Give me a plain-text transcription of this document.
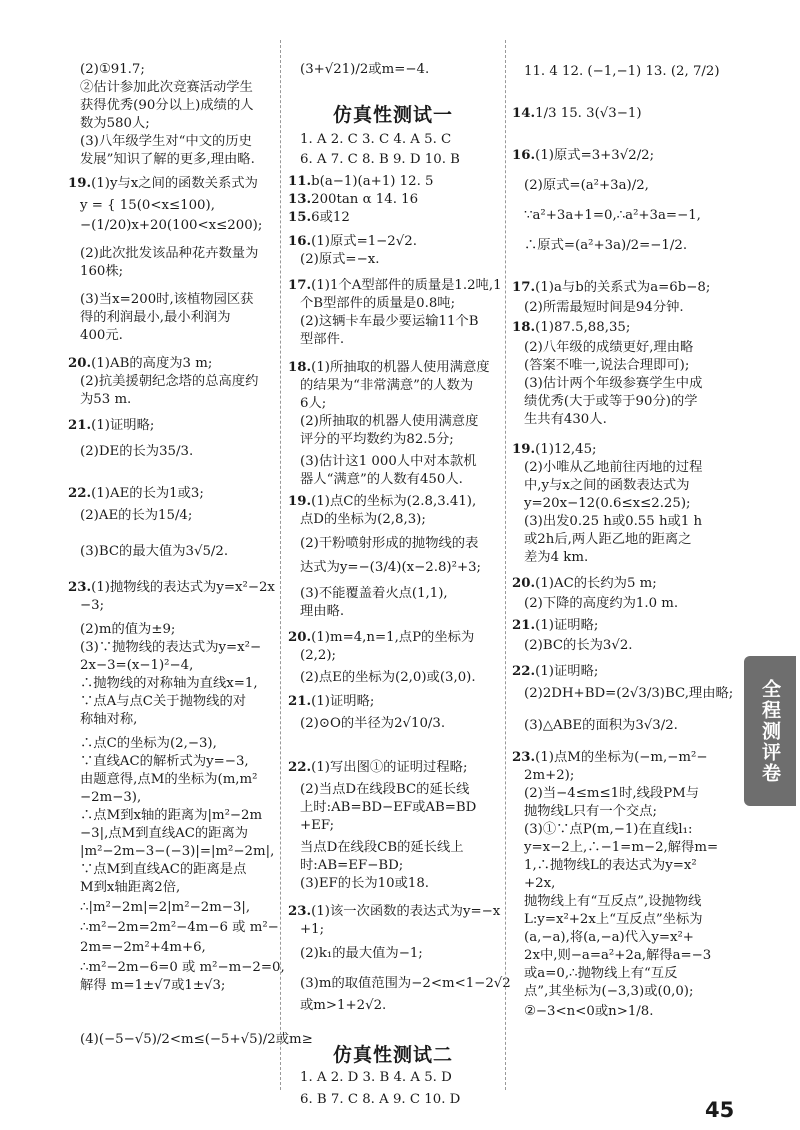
(2)①91.7;
②估计参加此次竞赛活动学生
获得优秀(90分以上)成绩的人
数为580人;
(3)八年级学生对“中文的历史
发展”知识了解的更多,理由略.
19.(1)y与x之间的函数关系式为
y = { 15(0<x≤100),
−(1/20)x+20(100<x≤200);
(2)此次批发该品种花卉数量为
160株;
(3)当x=200时,该植物园区获
得的利润最小,最小利润为
400元.
20.(1)AB的高度为3 m;
(2)抗美援朝纪念塔的总高度约
为53 m.
21.(1)证明略;
(2)DE的长为35/3.
22.(1)AE的长为1或3;
(2)AE的长为15/4;
(3)BC的最大值为3√5/2.
23.(1)抛物线的表达式为y=x²−2x
−3;
(2)m的值为±9;
(3)∵抛物线的表达式为y=x²−
2x−3=(x−1)²−4,
∴抛物线的对称轴为直线x=1,
∵点A与点C关于抛物线的对
称轴对称,
∴点C的坐标为(2,−3),
∵直线AC的解析式为y=−3,
由题意得,点M的坐标为(m,m²
−2m−3),
∴点M到x轴的距离为|m²−2m
−3|,点M到直线AC的距离为
|m²−2m−3−(−3)|=|m²−2m|,
∵点M到直线AC的距离是点
M到x轴距离2倍,
∴|m²−2m|=2|m²−2m−3|,
∴m²−2m=2m²−4m−6 或 m²−
2m=−2m²+4m+6,
∴m²−2m−6=0 或 m²−m−2=0,
解得 m=1±√7或1±√3;
(4)(−5−√5)/2<m≤(−5+√5)/2或m≥
仿真性测试一
仿真性测试二
(3+√21)/2或m=−4.
1. A 2. C 3. C 4. A 5. C
6. A 7. C 8. B 9. D 10. B
11.b(a−1)(a+1) 12. 5
13.200tan α 14. 16
15.6或12
16.(1)原式=1−2√2.
(2)原式=−x.
17.(1)1个A型部件的质量是1.2吨,1
个B型部件的质量是0.8吨;
(2)这辆卡车最少要运输11个B
型部件.
18.(1)所抽取的机器人使用满意度
的结果为“非常满意”的人数为
6人;
(2)所抽取的机器人使用满意度
评分的平均数约为82.5分;
(3)估计这1 000人中对本款机
器人“满意”的人数有450人.
19.(1)点C的坐标为(2.8,3.41),
点D的坐标为(2,8,3);
(2)干粉喷射形成的抛物线的表
达式为y=−(3/4)(x−2.8)²+3;
(3)不能覆盖着火点(1,1),
理由略.
20.(1)m=4,n=1,点P的坐标为
(2,2);
(2)点E的坐标为(2,0)或(3,0).
21.(1)证明略;
(2)⊙O的半径为2√10/3.
22.(1)写出图①的证明过程略;
(2)当点D在线段BC的延长线
上时:AB=BD−EF或AB=BD
+EF;
当点D在线段CB的延长线上
时:AB=EF−BD;
(3)EF的长为10或18.
23.(1)该一次函数的表达式为y=−x
+1;
(2)k₁的最大值为−1;
(3)m的取值范围为−2<m<1−2√2
或m>1+2√2.
1. A 2. D 3. B 4. A 5. D
6. B 7. C 8. A 9. C 10. D
11. 4 12. (−1,−1) 13. (2, 7/2)
14.1/3 15. 3(√3−1)
16.(1)原式=3+3√2/2;
(2)原式=(a²+3a)/2,
∵a²+3a+1=0,∴a²+3a=−1,
∴原式=(a²+3a)/2=−1/2.
17.(1)a与b的关系式为a=6b−8;
(2)所需最短时间是94分钟.
18.(1)87.5,88,35;
(2)八年级的成绩更好,理由略
(答案不唯一,说法合理即可);
(3)估计两个年级参赛学生中成
绩优秀(大于或等于90分)的学
生共有430人.
19.(1)12,45;
(2)小唯从乙地前往丙地的过程
中,y与x之间的函数表达式为
y=20x−12(0.6≤x≤2.25);
(3)出发0.25 h或0.55 h或1 h
或2h后,两人距乙地的距离之
差为4 km.
20.(1)AC的长约为5 m;
(2)下降的高度约为1.0 m.
21.(1)证明略;
(2)BC的长为3√2.
22.(1)证明略;
(2)2DH+BD=(2√3/3)BC,理由略;
(3)△ABE的面积为3√3/2.
23.(1)点M的坐标为(−m,−m²−
2m+2);
(2)当−4≤m≤1时,线段PM与
抛物线L只有一个交点;
(3)①∵点P(m,−1)在直线l₁:
y=x−2上,∴−1=m−2,解得m=
1,∴抛物线L的表达式为y=x²
+2x,
抛物线上有“互反点”,设抛物线
L:y=x²+2x上“互反点”坐标为
(a,−a),将(a,−a)代入y=x²+
2x中,则−a=a²+2a,解得a=−3
或a=0,∴抛物线上有“互反
点”,其坐标为(−3,3)或(0,0);
②−3<n<0或n>1/8.
全程测评卷
45
